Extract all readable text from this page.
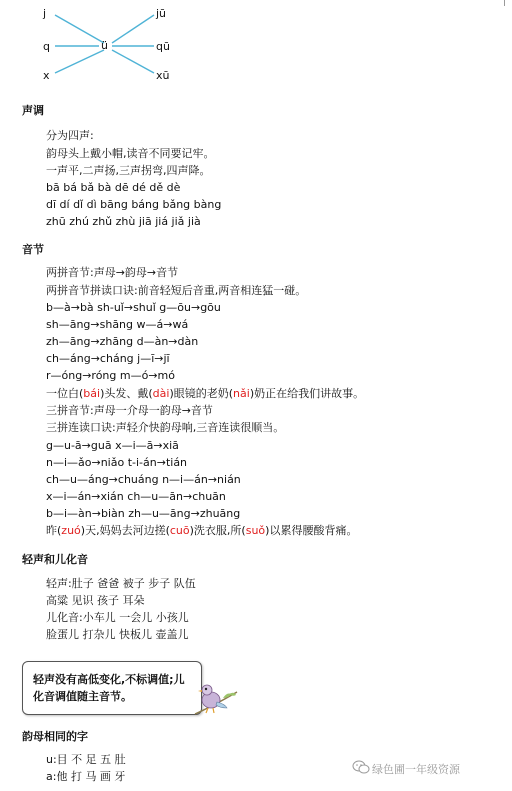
j
q
x
ü
jū
qū
xū
声调
分为四声:
韵母头上戴小帽,读音不同要记牢。
一声平,二声扬,三声拐弯,四声降。
bā bá bǎ bà dē dé dě dè
dī dí dǐ dì bāng báng bǎng bàng
zhū zhú zhǔ zhù jiā jiá jiǎ jià
音节
两拼音节:声母→韵母→音节
两拼音节拼读口诀:前音轻短后音重,两音相连猛一碰。
b—à→bà sh-uǐ→shuǐ g—ōu→gōu
sh—āng→shāng w—á→wá
zh—āng→zhāng d—àn→dàn
ch—áng→cháng j—ī→jī
r—óng→róng m—ó→mó
一位白(bái)头发、戴(dài)眼镜的老奶(nǎi)奶正在给我们讲故事。
三拼音节:声母一介母一韵母→音节
三拼连读口诀:声轻介快韵母响,三音连读很顺当。
g—u-ā→guā x—i—ā→xiā
n—i—ǎo→niǎo t-i-án→tián
ch—u—áng→chuáng n—i—án→nián
x—i—án→xián ch—u—ān→chuān
b—i—àn→biàn zh—u—āng→zhuāng
昨(zuó)天,妈妈去河边搓(cuō)洗衣服,所(suǒ)以累得腰酸背痛。
轻声和儿化音
轻声:肚子 爸爸 被子 步子 队伍
高粱 见识 孩子 耳朵
儿化音:小车儿 一会儿 小孩儿
脸蛋儿 打杂儿 快板儿 壶盖儿
轻声没有高低变化,不标调值;儿化音调值随主音节。
韵母相同的字
u:目 不 足 五 肚
a:他 打 马 画 牙
绿色圃一年级资源
